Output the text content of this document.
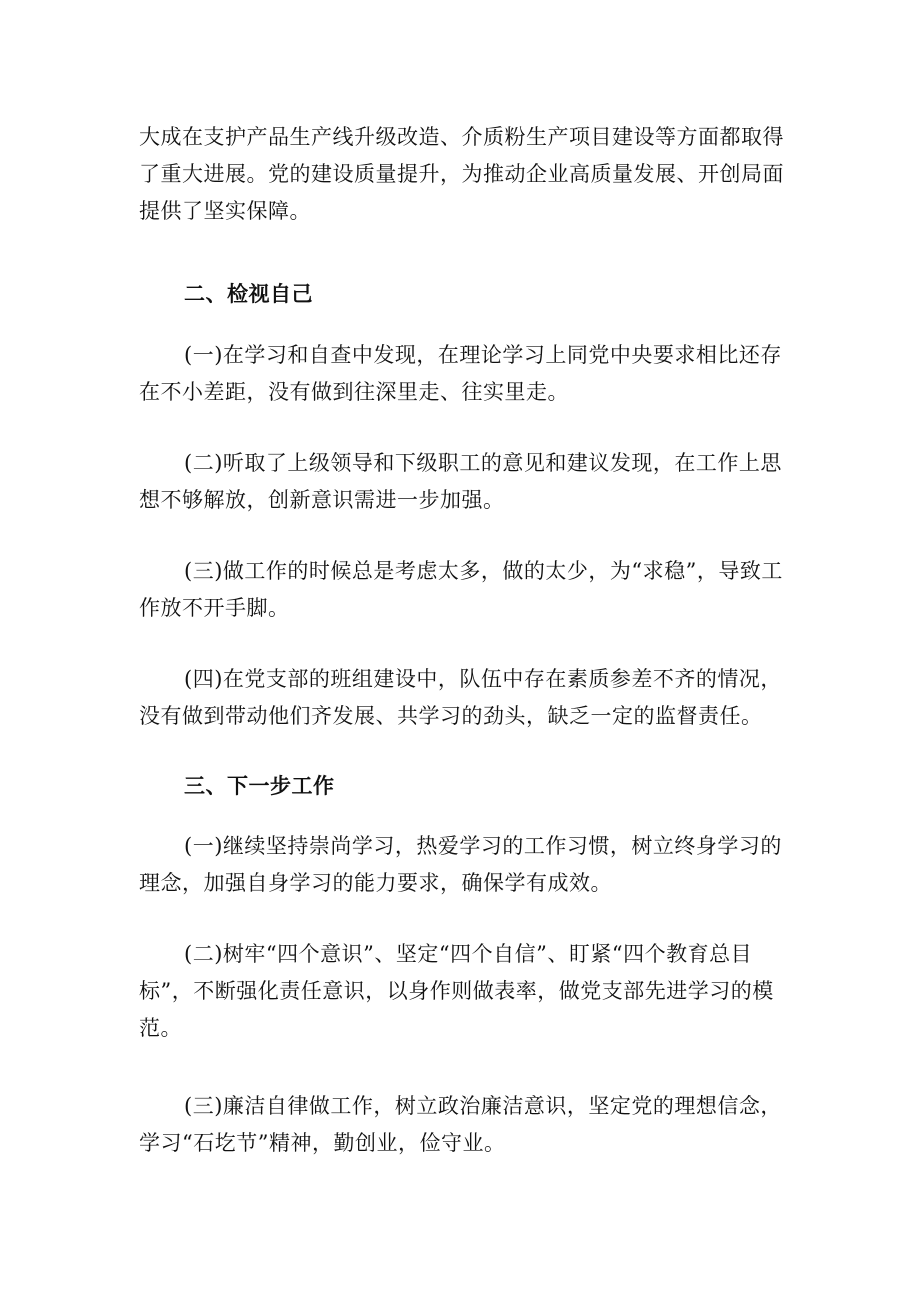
大成在支护产品生产线升级改造、介质粉生产项目建设等方面都取得了重大进展。党的建设质量提升，为推动企业高质量发展、开创局面提供了坚实保障。

二、检视自己

(一)在学习和自查中发现，在理论学习上同党中央要求相比还存在不小差距，没有做到往深里走、往实里走。

(二)听取了上级领导和下级职工的意见和建议发现，在工作上思想不够解放，创新意识需进一步加强。

(三)做工作的时候总是考虑太多，做的太少，为“求稳”，导致工作放不开手脚。

(四)在党支部的班组建设中，队伍中存在素质参差不齐的情况，没有做到带动他们齐发展、共学习的劲头，缺乏一定的监督责任。

三、下一步工作

(一)继续坚持崇尚学习，热爱学习的工作习惯，树立终身学习的理念，加强自身学习的能力要求，确保学有成效。

(二)树牢“四个意识”、坚定“四个自信”、盯紧“四个教育总目标”，不断强化责任意识，以身作则做表率，做党支部先进学习的模范。

(三)廉洁自律做工作，树立政治廉洁意识，坚定党的理想信念，学习“石圪节”精神，勤创业，俭守业。
